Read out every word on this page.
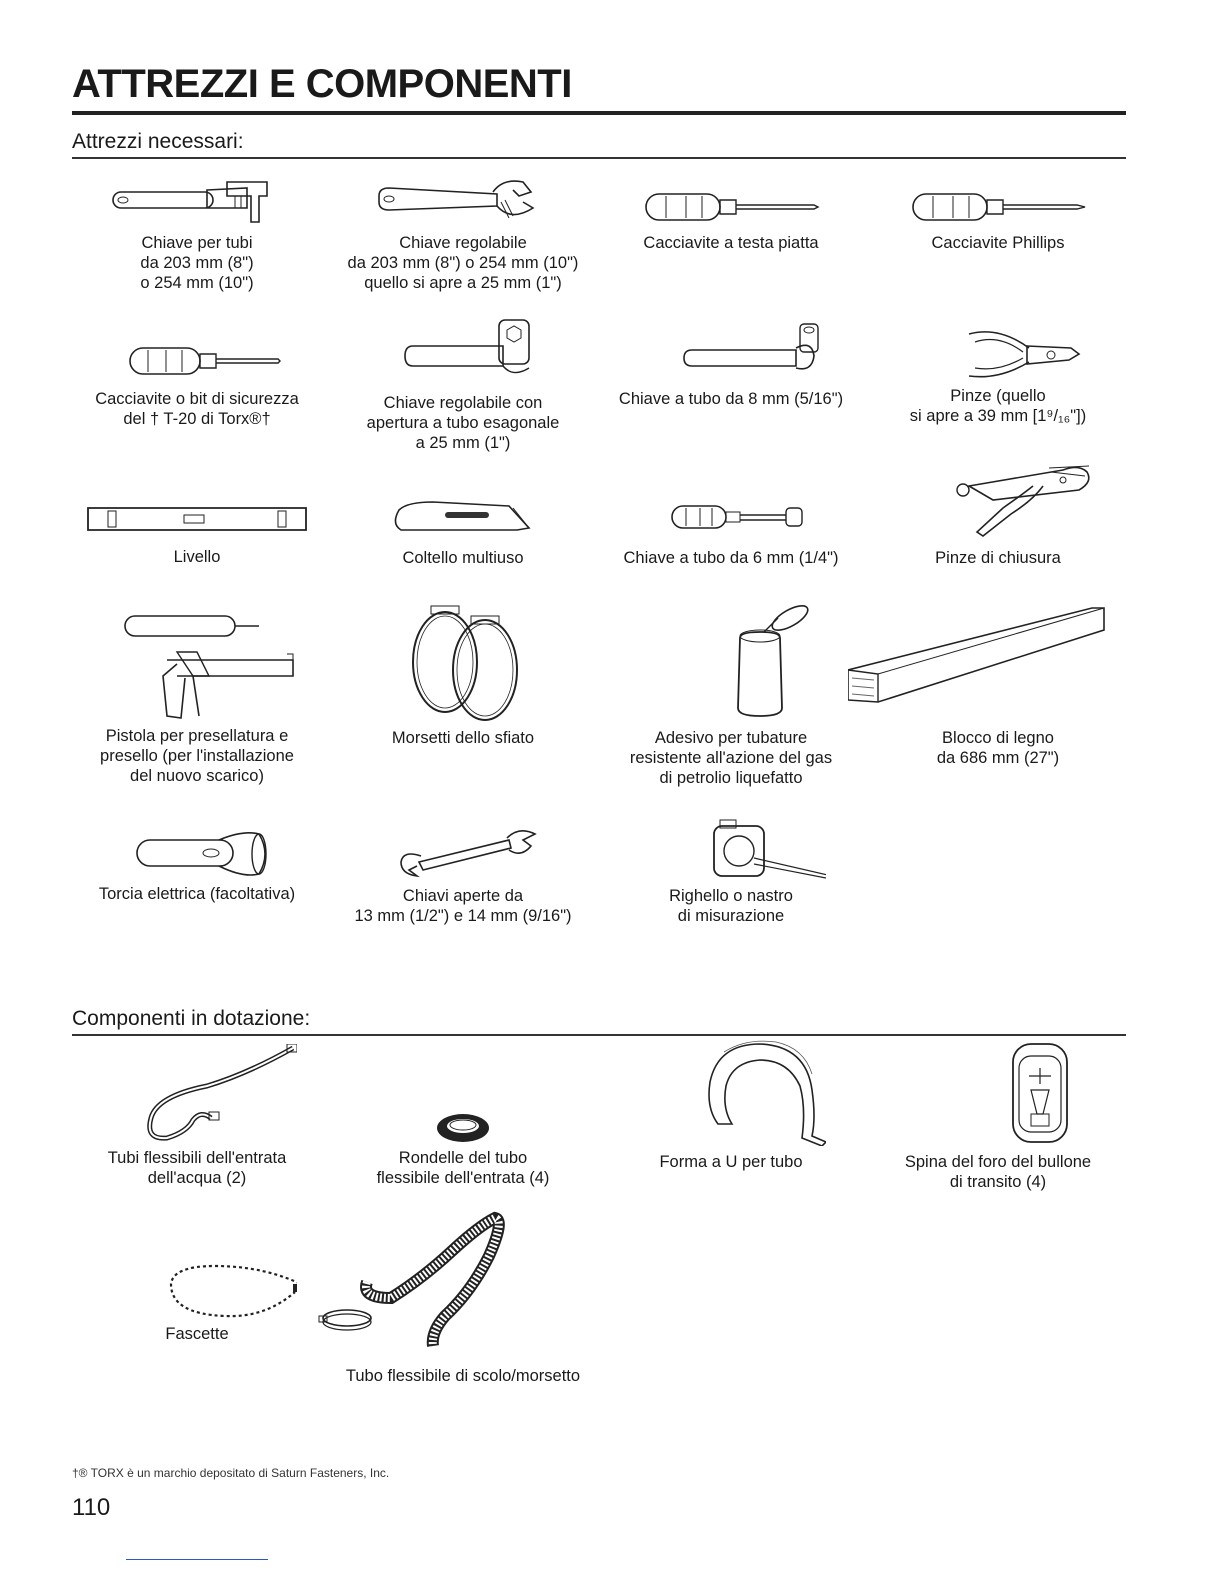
ATTREZZI E COMPONENTI
Attrezzi necessari:
Chiave per tubi
da 203 mm (8")
o 254 mm (10")
Chiave regolabile
da 203 mm (8") o 254 mm (10")
quello si apre a 25 mm (1")
Cacciavite a testa piatta	Cacciavite Phillips
Cacciavite o bit di sicurezza
del † T-20 di Torx®†
Chiave regolabile con
apertura a tubo esagonale
a 25 mm (1")
Chiave a tubo da 8 mm (5/16")	Pinze (quello
si apre a 39 mm [1⁹/₁₆"])
Livello	Coltello multiuso	Chiave a tubo da 6 mm (1/4")	Pinze di chiusura
Pistola per presellatura e
presello (per l'installazione
del nuovo scarico)
Morsetti dello sfiato	Adesivo per tubature
resistente all'azione del gas
di petrolio liquefatto
Blocco di legno
da 686 mm (27")
Torcia elettrica (facoltativa)	Chiavi aperte da
13 mm (1/2") e 14 mm (9/16")
Righello o nastro
di misurazione
Componenti in dotazione:
Tubi flessibili dell'entrata
dell'acqua (2)
Rondelle del tubo
flessibile dell'entrata (4)
Forma a U per tubo	Spina del foro del bullone
di transito (4)
Fascette
Tubo flessibile di scolo/morsetto
†® TORX è un marchio depositato di Saturn Fasteners, Inc.
110
